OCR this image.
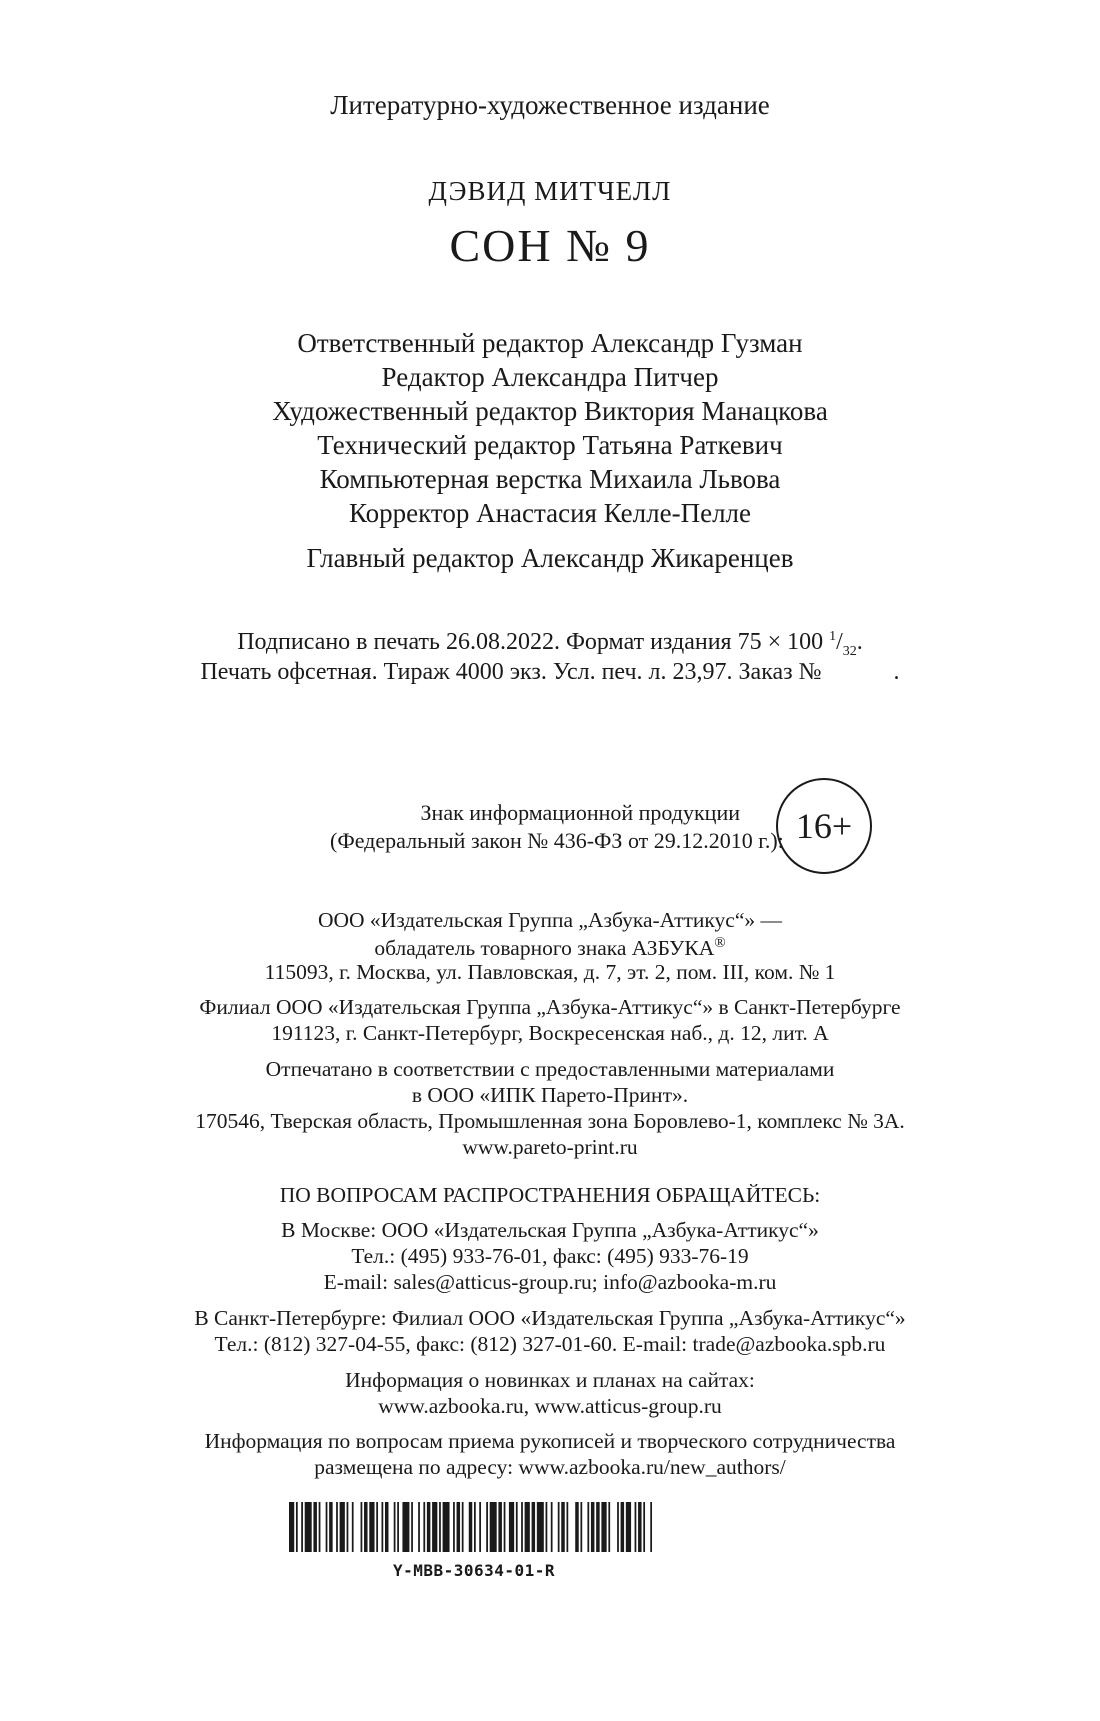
Литературно-художественное издание
ДЭВИД МИТЧЕЛЛ
СОН № 9
Ответственный редактор Александр Гузман
Редактор Александра Питчер
Художественный редактор Виктория Манацкова
Технический редактор Татьяна Раткевич
Компьютерная верстка Михаила Львова
Корректор Анастасия Келле-Пелле
Главный редактор Александр Жикаренцев
Подписано в печать 26.08.2022. Формат издания 75 × 100 $^1/_{32}$.
Печать офсетная. Тираж 4000 экз. Усл. печ. л. 23,97. Заказ №	.
Знак информационной продукции
(Федеральный закон № 436-ФЗ от 29.12.2010 г.): 16+
ООО «Издательская Группа „Азбука-Аттикус“» —
обладатель товарного знака АЗБУКА®
115093, г. Москва, ул. Павловская, д. 7, эт. 2, пом. III, ком. № 1
Филиал ООО «Издательская Группа „Азбука-Аттикус“» в Санкт-Петербурге
191123, г. Санкт-Петербург, Воскресенская наб., д. 12, лит. А
Отпечатано в соответствии с предоставленными материалами
в ООО «ИПК Парето-Принт».
170546, Тверская область, Промышленная зона Боровлево-1, комплекс № 3А.
www.pareto-print.ru
ПО ВОПРОСАМ РАСПРОСТРАНЕНИЯ ОБРАЩАЙТЕСЬ:
В Москве: ООО «Издательская Группа „Азбука-Аттикус“»
Тел.: (495) 933-76-01, факс: (495) 933-76-19
E-mail: sales@atticus-group.ru; info@azbooka-m.ru
В Санкт-Петербурге: Филиал ООО «Издательская Группа „Азбука-Аттикус“»
Тел.: (812) 327-04-55, факс: (812) 327-01-60. E-mail: trade@azbooka.spb.ru
Информация о новинках и планах на сайтах:
www.azbooka.ru, www.atticus-group.ru
Информация по вопросам приема рукописей и творческого сотрудничества
размещена по адресу: www.azbooka.ru/new_authors/
Y-MBB-30634-01-R
